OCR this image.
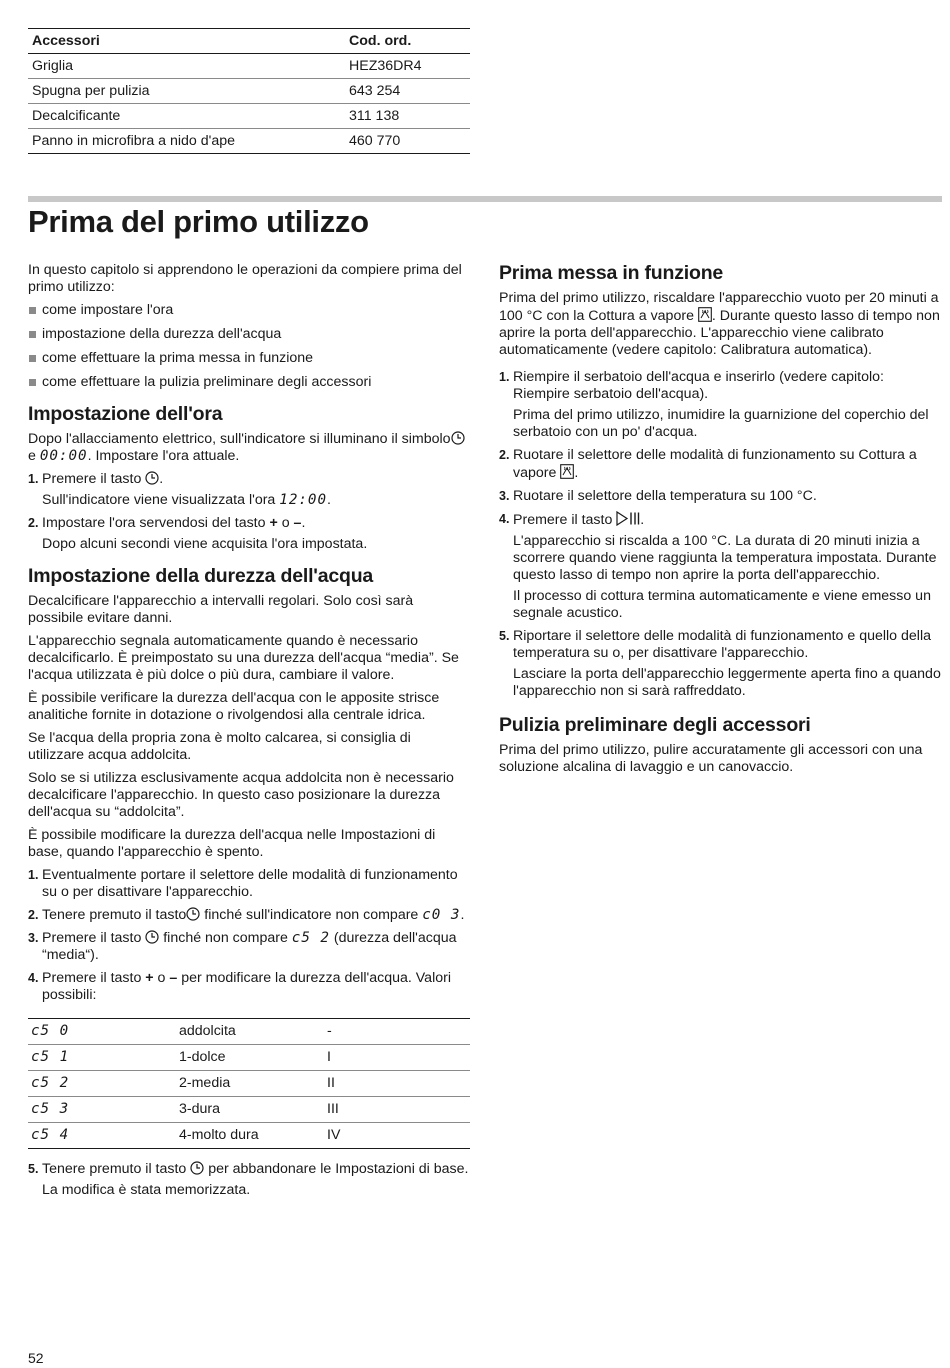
Accessori	Cod. ord.
Griglia	HEZ36DR4
Spugna per pulizia	643 254
Decalcificante	311 138
Panno in microfibra a nido d'ape	460 770
Prima del primo utilizzo

In questo capitolo si apprendono le operazioni da compiere prima del primo utilizzo:

come impostare l'ora
impostazione della durezza dell'acqua
come effettuare la prima messa in funzione
come effettuare la pulizia preliminare degli accessori
Impostazione dell'ora

Dopo l'allacciamento elettrico, sull'indicatore si illuminano il simbolo e 00:00. Impostare l'ora attuale.

1. Premere il tasto .
Sull'indicatore viene visualizzata l'ora 12:00.
2. Impostare l'ora servendosi del tasto + o –.
Dopo alcuni secondi viene acquisita l'ora impostata.
Impostazione della durezza dell'acqua

Decalcificare l'apparecchio a intervalli regolari. Solo così sarà possibile evitare danni.

L'apparecchio segnala automaticamente quando è necessario decalcificarlo. È preimpostato su una durezza dell'acqua “media”. Se l'acqua utilizzata è più dolce o più dura, cambiare il valore.

È possibile verificare la durezza dell'acqua con le apposite strisce analitiche fornite in dotazione o rivolgendosi alla centrale idrica.

Se l'acqua della propria zona è molto calcarea, si consiglia di utilizzare acqua addolcita.

Solo se si utilizza esclusivamente acqua addolcita non è necessario decalcificare l'apparecchio. In questo caso posizionare la durezza dell'acqua su “addolcita”.

È possibile modificare la durezza dell'acqua nelle Impostazioni di base, quando l'apparecchio è spento.

1. Eventualmente portare il selettore delle modalità di funzionamento su o per disattivare l'apparecchio.
2. Tenere premuto il tasto finché sull'indicatore non compare c0 3.
3. Premere il tasto  finché non compare c5 2 (durezza dell'acqua “media“).
4. Premere il tasto + o – per modificare la durezza dell'acqua. Valori possibili:
c5 0	addolcita	-
c5 1	1-dolce	I
c5 2	2-media	II
c5 3	3-dura	III
c5 4	4-molto dura	IV
5. Tenere premuto il tasto  per abbandonare le Impostazioni di base.
La modifica è stata memorizzata.
Prima messa in funzione

Prima del primo utilizzo, riscaldare l'apparecchio vuoto per 20 minuti a 100 °C con la Cottura a vapore . Durante questo lasso di tempo non aprire la porta dell'apparecchio. L'apparecchio viene calibrato automaticamente (vedere capitolo: Calibratura automatica).

1. Riempire il serbatoio dell'acqua e inserirlo (vedere capitolo: Riempire serbatoio dell'acqua).
Prima del primo utilizzo, inumidire la guarnizione del coperchio del serbatoio con un po' d'acqua.
2. Ruotare il selettore delle modalità di funzionamento su Cottura a vapore .
3. Ruotare il selettore della temperatura su 100 °C.
4. Premere il tasto .
L'apparecchio si riscalda a 100 °C. La durata di 20 minuti inizia a scorrere quando viene raggiunta la temperatura impostata. Durante questo lasso di tempo non aprire la porta dell'apparecchio.
Il processo di cottura termina automaticamente e viene emesso un segnale acustico.
5. Riportare il selettore delle modalità di funzionamento e quello della temperatura su o, per disattivare l'apparecchio.
Lasciare la porta dell'apparecchio leggermente aperta fino a quando l'apparecchio non si sarà raffreddato.
Pulizia preliminare degli accessori

Prima del primo utilizzo, pulire accuratamente gli accessori con una soluzione alcalina di lavaggio e un canovaccio.

52
